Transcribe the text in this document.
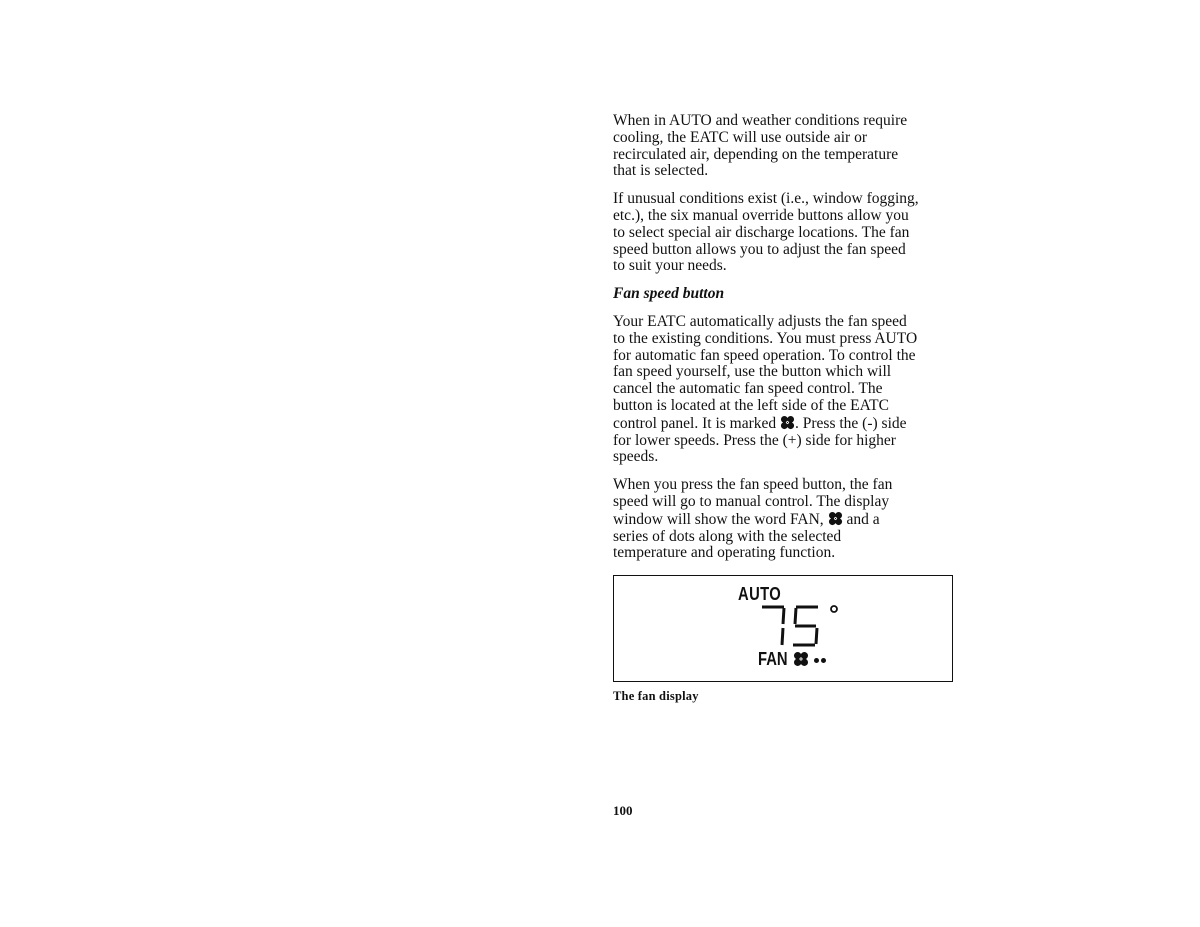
When in AUTO and weather conditions require
cooling, the EATC will use outside air or
recirculated air, depending on the temperature
that is selected.

If unusual conditions exist (i.e., window fogging,
etc.), the six manual override buttons allow you
to select special air discharge locations. The fan
speed button allows you to adjust the fan speed
to suit your needs.

Fan speed button

Your EATC automatically adjusts the fan speed
to the existing conditions. You must press AUTO
for automatic fan speed operation. To control the
fan speed yourself, use the button which will
cancel the automatic fan speed control. The
button is located at the left side of the EATC
control panel. It is marked
. Press the (-) side
for lower speeds. Press the (+) side for higher
speeds.

When you press the fan speed button, the fan
speed will go to manual control. The display
window will show the word FAN,
and a
series of dots along with the selected
temperature and operating function.

AUTO
75
FAN
The fan display
100
